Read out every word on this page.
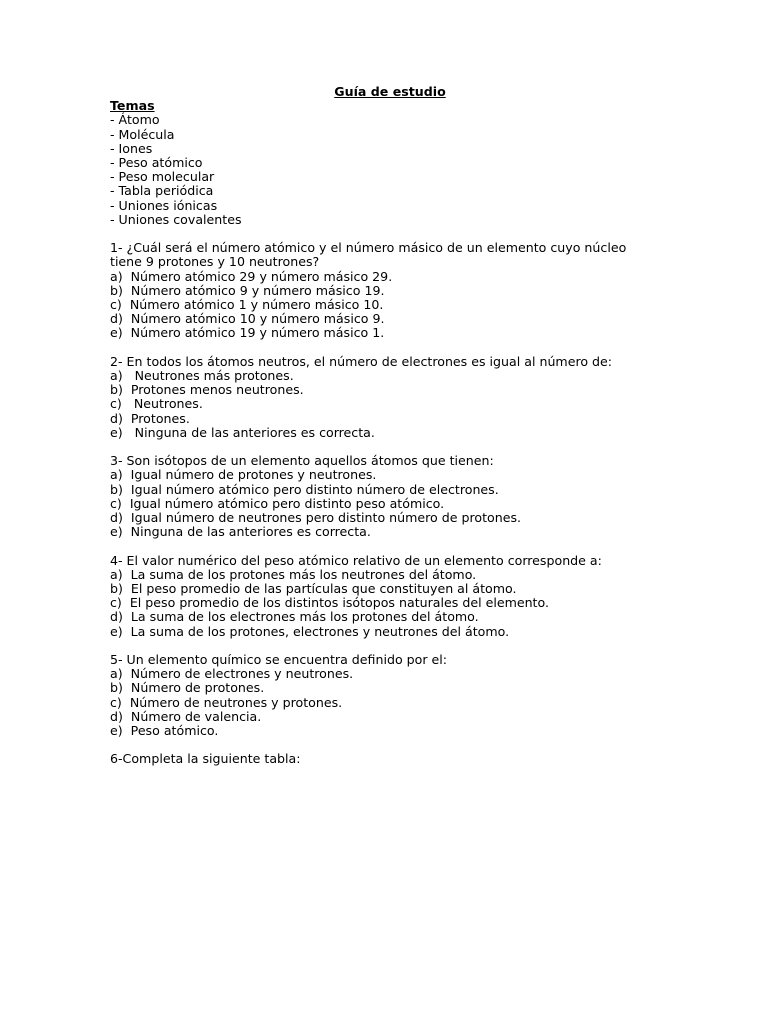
Guía de estudio
Temas
- Átomo
- Molécula
- Iones
- Peso atómico
- Peso molecular
- Tabla periódica
- Uniones iónicas
- Uniones covalentes
1- ¿Cuál será el número atómico y el número másico de un elemento cuyo núcleo
tiene 9 protones y 10 neutrones?
a)  Número atómico 29 y número másico 29.
b)  Número atómico 9 y número másico 19.
c)  Número atómico 1 y número másico 10.
d)  Número atómico 10 y número másico 9.
e)  Número atómico 19 y número másico 1.
2- En todos los átomos neutros, el número de electrones es igual al número de:
a)   Neutrones más protones.
b)  Protones menos neutrones.
c)   Neutrones.
d)  Protones.
e)   Ninguna de las anteriores es correcta.
3- Son isótopos de un elemento aquellos átomos que tienen:
a)  Igual número de protones y neutrones.
b)  Igual número atómico pero distinto número de electrones.
c)  Igual número atómico pero distinto peso atómico.
d)  Igual número de neutrones pero distinto número de protones.
e)  Ninguna de las anteriores es correcta.
4- El valor numérico del peso atómico relativo de un elemento corresponde a:
a)  La suma de los protones más los neutrones del átomo.
b)  El peso promedio de las partículas que constituyen al átomo.
c)  El peso promedio de los distintos isótopos naturales del elemento.
d)  La suma de los electrones más los protones del átomo.
e)  La suma de los protones, electrones y neutrones del átomo.
5- Un elemento químico se encuentra definido por el:
a)  Número de electrones y neutrones.
b)  Número de protones.
c)  Número de neutrones y protones.
d)  Número de valencia.
e)  Peso atómico.
6-Completa la siguiente tabla:
